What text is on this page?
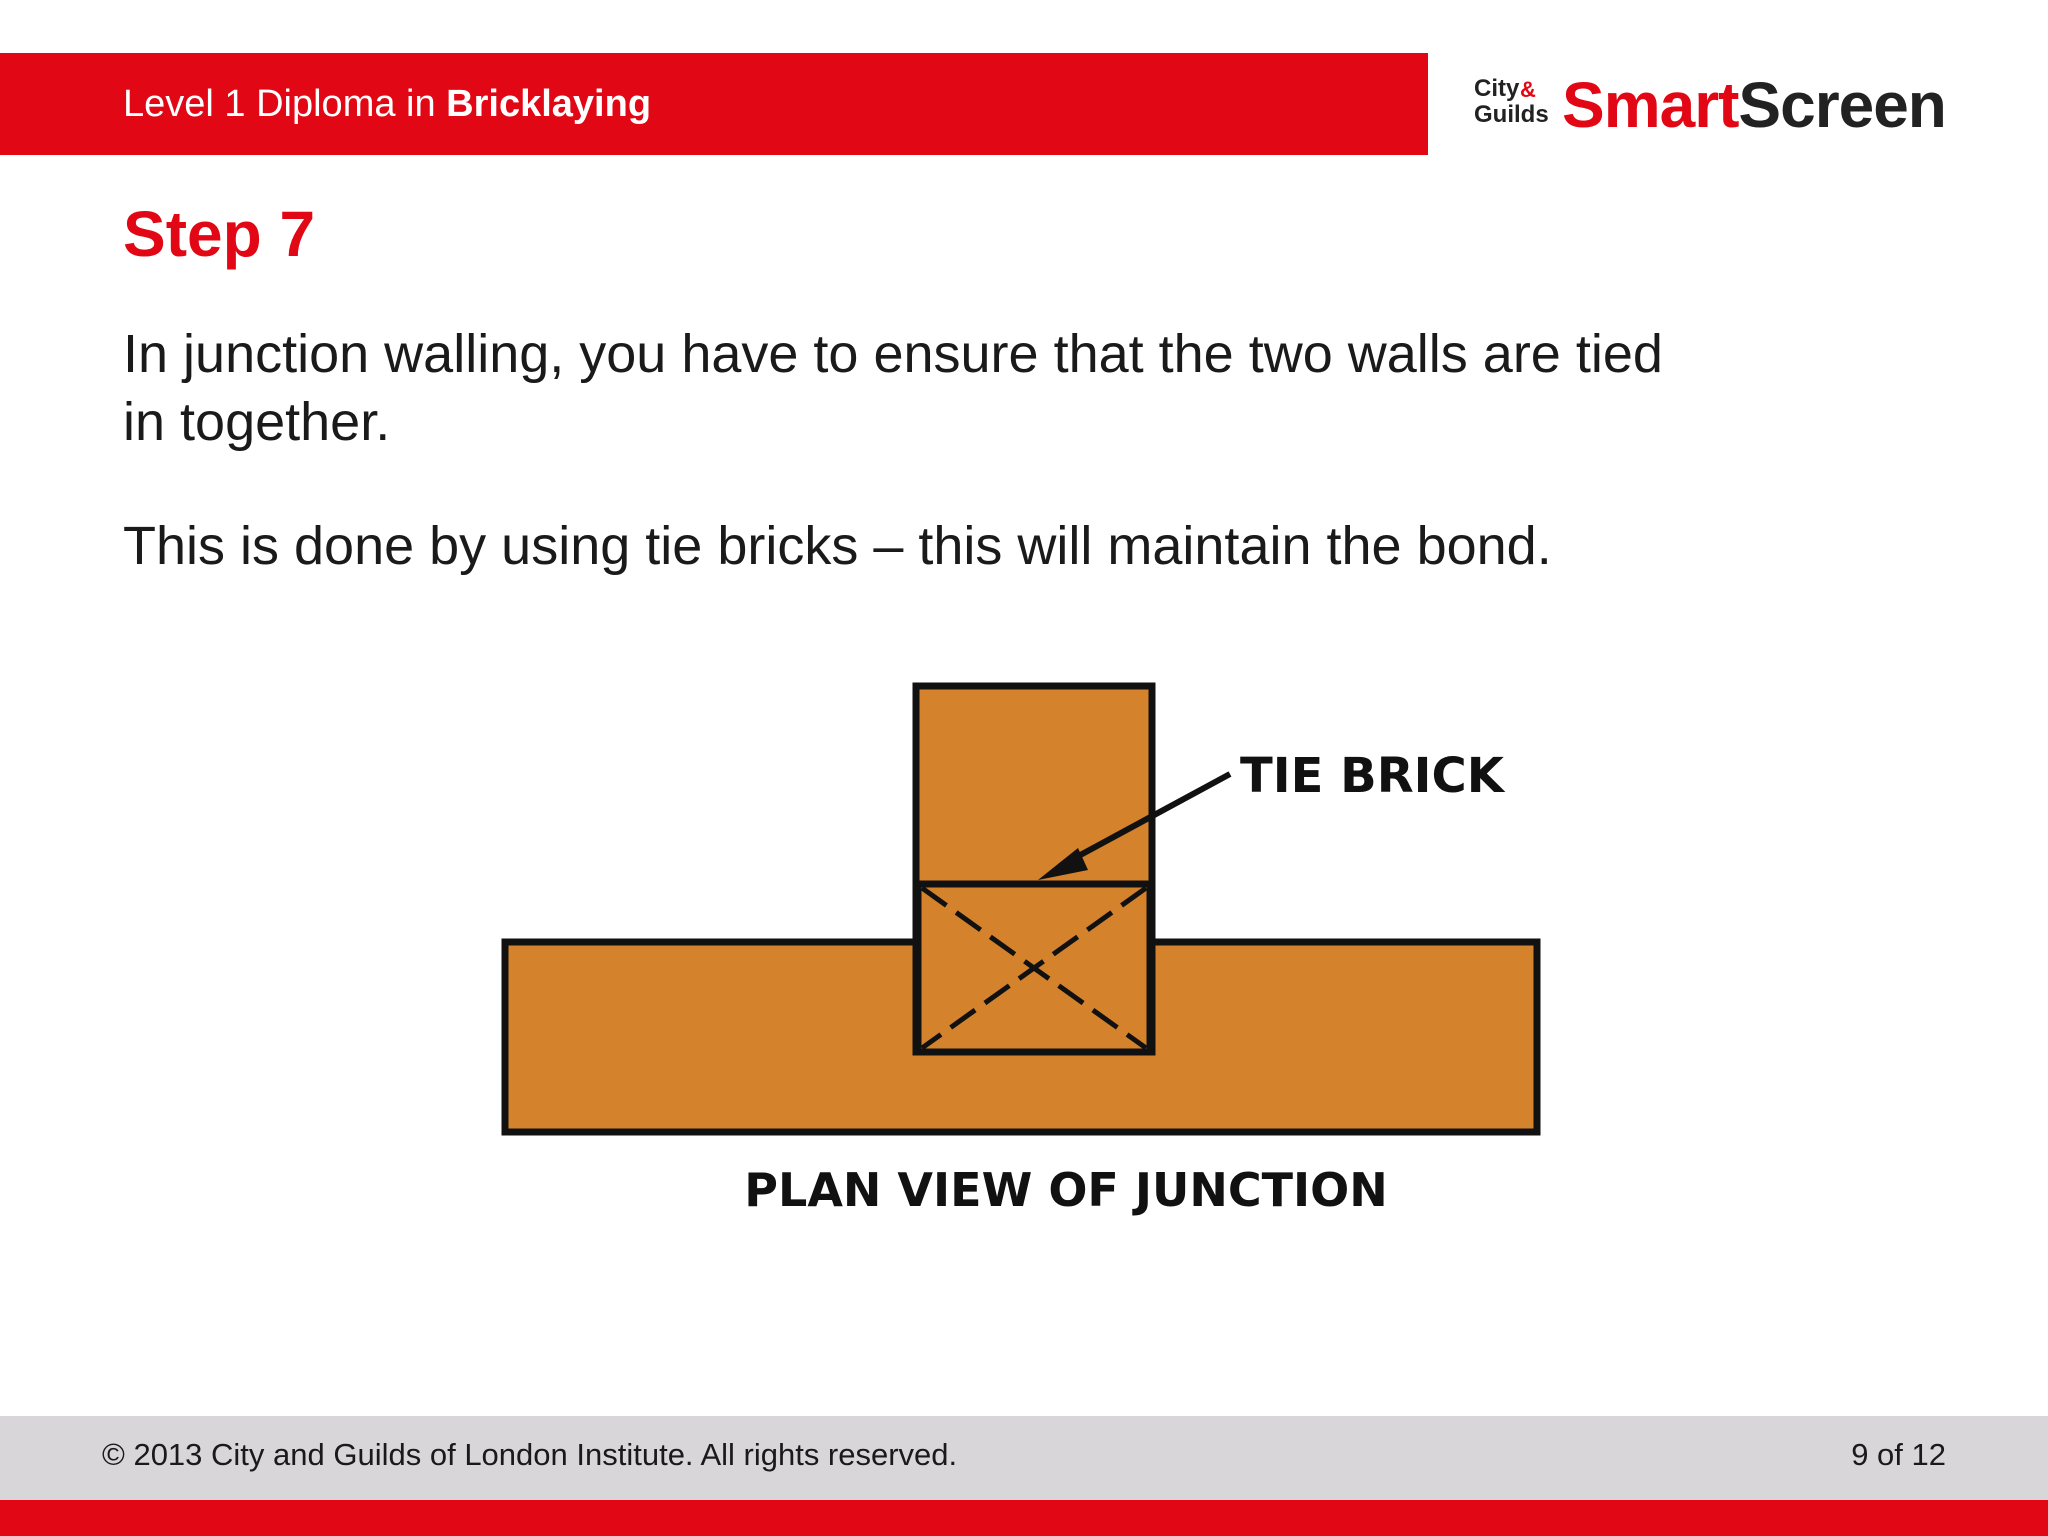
Level 1 Diploma in Bricklaying	City &
Guilds SmartScreen
Step 7
In junction walling, you have to ensure that the two walls are tied in together.
This is done by using tie bricks – this will maintain the bond.
TIE BRICK
PLAN VIEW OF JUNCTION
© 2013 City and Guilds of London Institute. All rights reserved.	9 of 12
